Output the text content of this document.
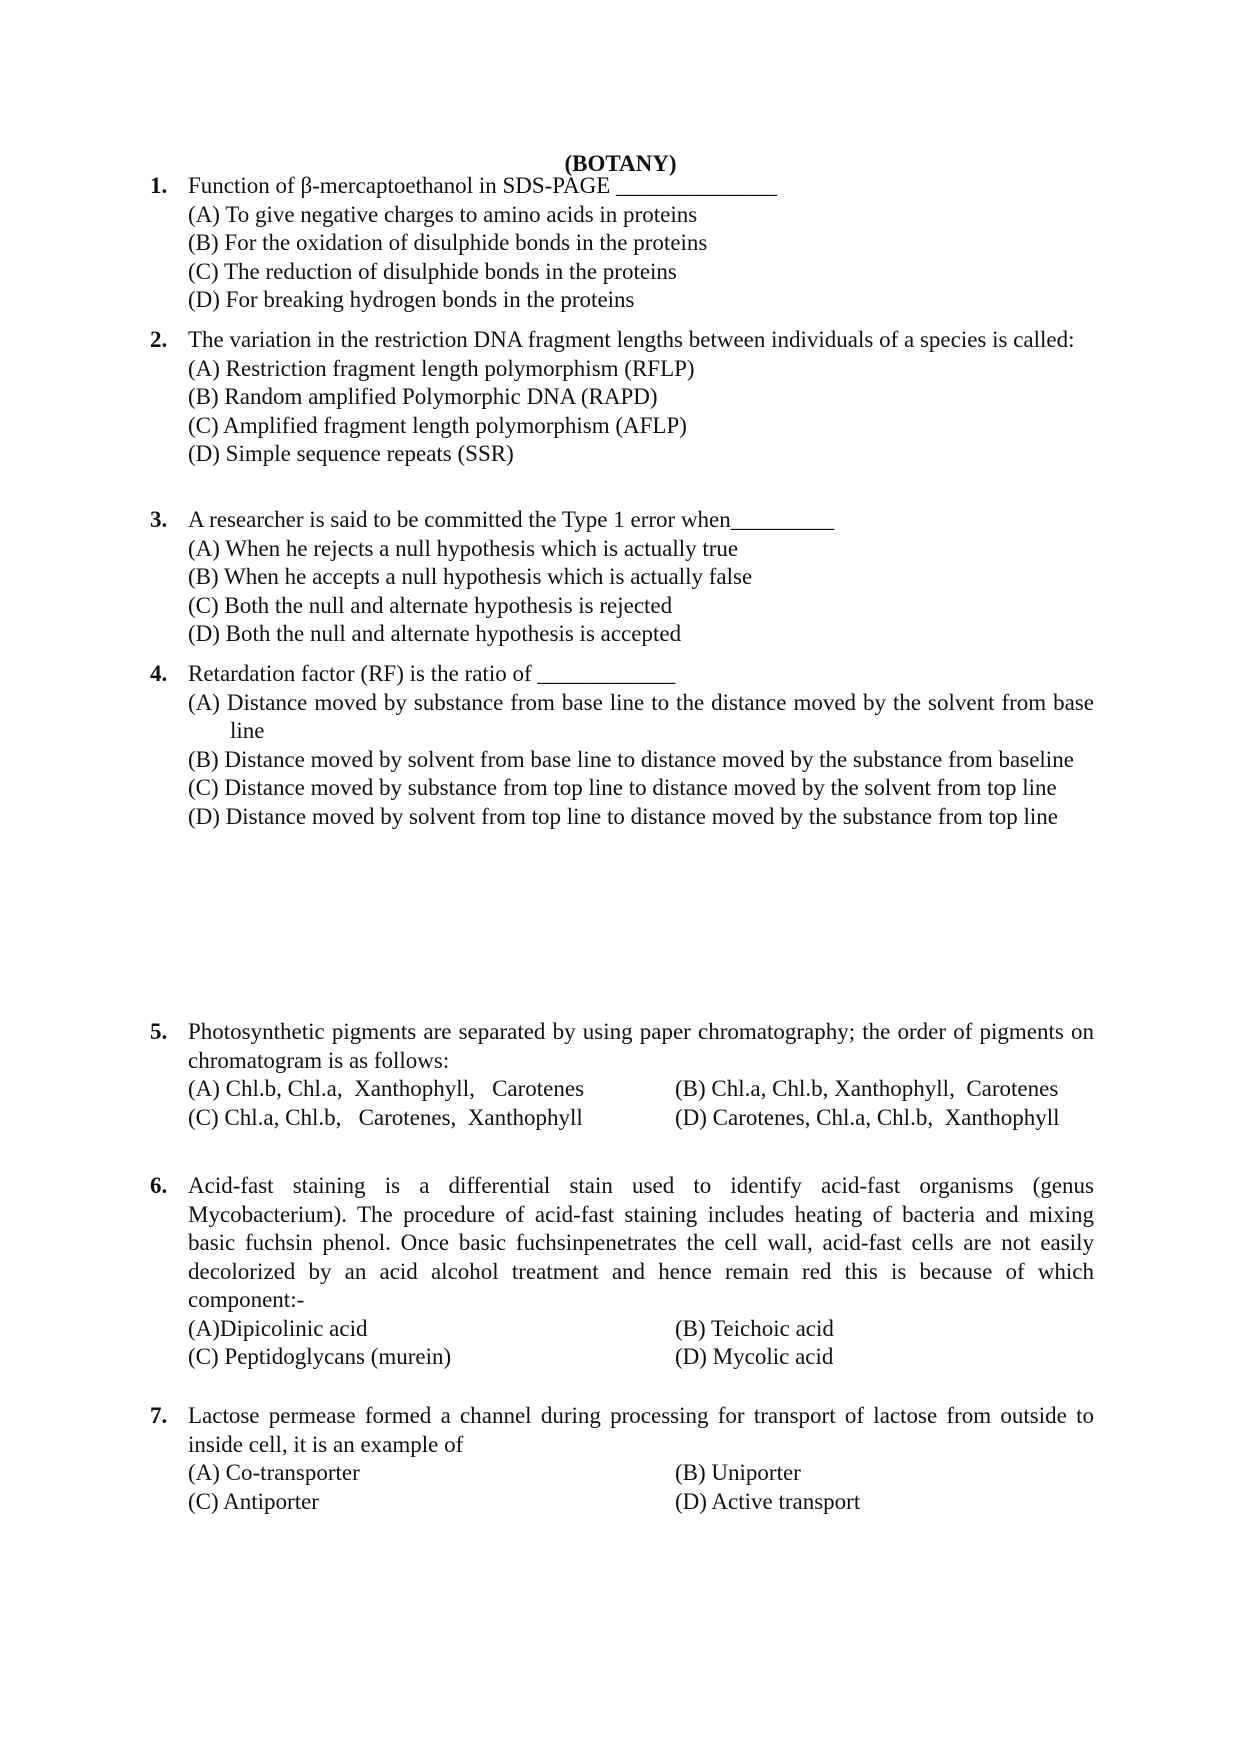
(BOTANY)
1. Function of β-mercaptoethanol in SDS-PAGE ______________
(A) To give negative charges to amino acids in proteins
(B) For the oxidation of disulphide bonds in the proteins
(C) The reduction of disulphide bonds in the proteins
(D) For breaking hydrogen bonds in the proteins
2. The variation in the restriction DNA fragment lengths between individuals of a species is called:
(A) Restriction fragment length polymorphism (RFLP)
(B) Random amplified Polymorphic DNA (RAPD)
(C) Amplified fragment length polymorphism (AFLP)
(D) Simple sequence repeats (SSR)
3. A researcher is said to be committed the Type 1 error when_________
(A) When he rejects a null hypothesis which is actually true
(B) When he accepts a null hypothesis which is actually false
(C) Both the null and alternate hypothesis is rejected
(D) Both the null and alternate hypothesis is accepted
4. Retardation factor (RF) is the ratio of ____________
(A) Distance moved by substance from base line to the distance moved by the solvent from base line
(B) Distance moved by solvent from base line to distance moved by the substance from baseline
(C) Distance moved by substance from top line to distance moved by the solvent from top line
(D) Distance moved by solvent from top line to distance moved by the substance from top line
5. Photosynthetic pigments are separated by using paper chromatography; the order of pigments on chromatogram is as follows:
(A) Chl.b, Chl.a,  Xanthophyll,   Carotenes	(B) Chl.a, Chl.b, Xanthophyll,  Carotenes
(C) Chl.a, Chl.b,   Carotenes,  Xanthophyll	(D) Carotenes, Chl.a, Chl.b,  Xanthophyll
6. Acid-fast staining is a differential stain used to identify acid-fast organisms (genus Mycobacterium). The procedure of acid-fast staining includes heating of bacteria and mixing basic fuchsin phenol. Once basic fuchsinpenetrates the cell wall, acid-fast cells are not easily decolorized by an acid alcohol treatment and hence remain red this is because of which component:-
(A)Dipicolinic acid	(B) Teichoic acid
(C) Peptidoglycans (murein)	(D) Mycolic acid
7. Lactose permease formed a channel during processing for transport of lactose from outside to inside cell, it is an example of
(A) Co-transporter	(B) Uniporter
(C) Antiporter	(D) Active transport
